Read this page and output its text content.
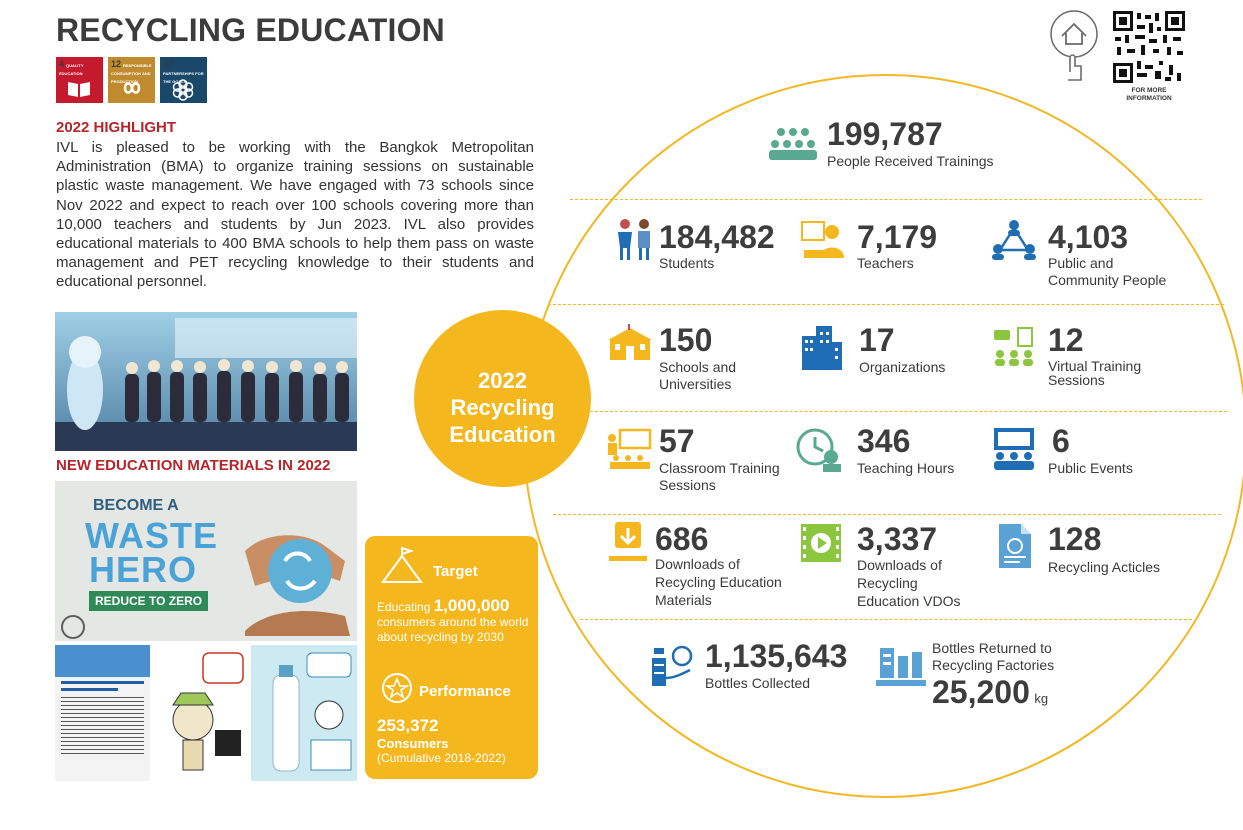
RECYCLING EDUCATION
4 QUALITY EDUCATION
12 RESPONSIBLE CONSUMPTION AND PRODUCTION
17 PARTNERSHIPS FOR THE GOALS
2022 HIGHLIGHT
IVL is pleased to be working with the Bangkok Metropolitan Administration (BMA) to organize training sessions on sustainable plastic waste management. We have engaged with 73 schools since Nov 2022 and expect to reach over 100 schools covering more than 10,000 teachers and students by Jun 2023. IVL also provides educational materials to 400 BMA schools to help them pass on waste management and PET recycling knowledge to their students and educational personnel.
NEW EDUCATION MATERIALS IN 2022
BECOME A
WASTE
HERO
REDUCE TO ZERO
Target
Educating 1,000,000
consumers around the world about recycling by 2030
Performance
253,372
Consumers
(Cumulative 2018-2022)
FOR MORE INFORMATION
2022
Recycling
Education
199,787
People Received Trainings
184,482
Students
7,179
Teachers
4,103
Public and Community People
150
Schools and Universities
17
Organizations
12
Virtual Training Sessions
57
Classroom Training Sessions
346
Teaching Hours
6
Public Events
686
Downloads of Recycling Education Materials
3,337
Downloads of Recycling Education VDOs
128
Recycling Acticles
1,135,643
Bottles Collected
Bottles Returned to Recycling Factories
25,200 kg
